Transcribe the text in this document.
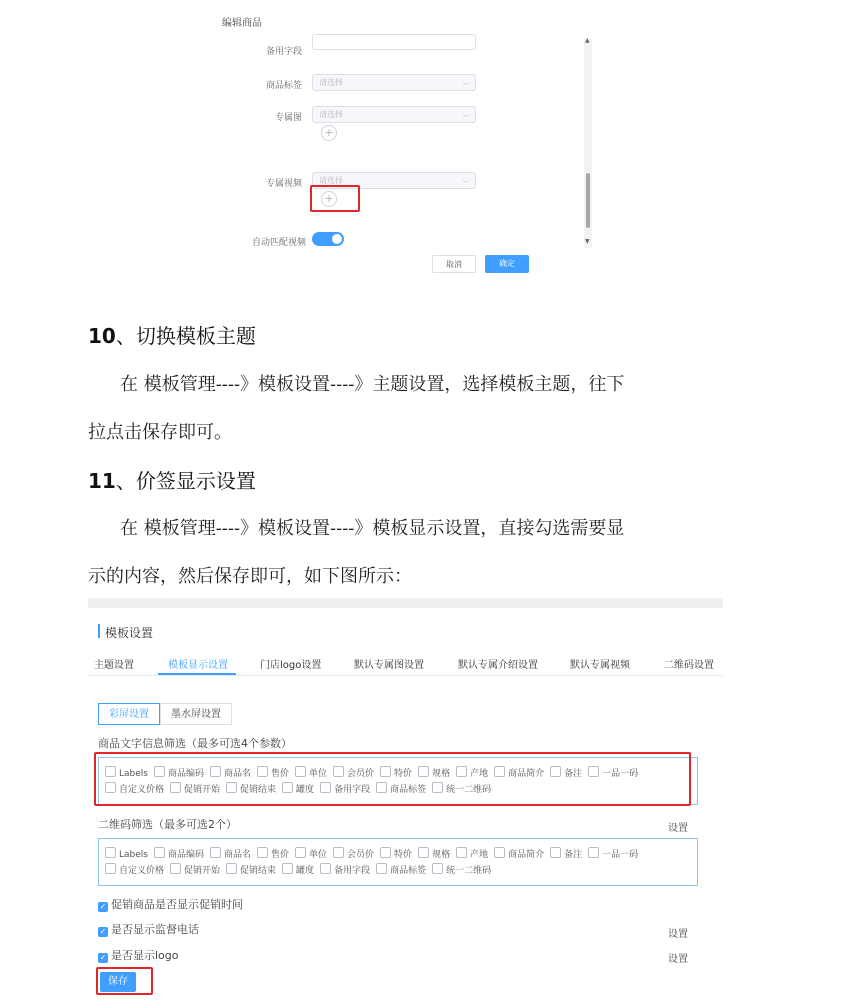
编辑商品
备用字段
商品标签	请选择	⌵
专属图	请选择	⌵
+
专属视频	请选择	⌵
+
自动匹配视频
▲
▼
取消	确定
10、切换模板主题
在 模板管理----》模板设置----》主题设置，选择模板主题，往下
拉点击保存即可。
11、价签显示设置
在 模板管理----》模板设置----》模板显示设置，直接勾选需要显
示的内容，然后保存即可，如下图所示：
模板设置
主题设置	模板显示设置	门店logo设置	默认专属图设置	默认专属介绍设置	默认专属视频	二维码设置
彩屏设置	墨水屏设置
商品文字信息筛选（最多可选4个参数）
Labels 商品编码 商品名 售价 单位 会员价 特价 规格 产地 商品简介 备注 一品一码
自定义价格 促销开始 促销结束 罐度 备用字段 商品标签 统一二维码
二维码筛选（最多可选2个）	设置
Labels 商品编码 商品名 售价 单位 会员价 特价 规格 产地 商品简介 备注 一品一码
自定义价格 促销开始 促销结束 罐度 备用字段 商品标签 统一二维码
✓ 促销商品是否显示促销时间
✓ 是否显示监督电话	设置
✓ 是否显示logo	设置
保存
